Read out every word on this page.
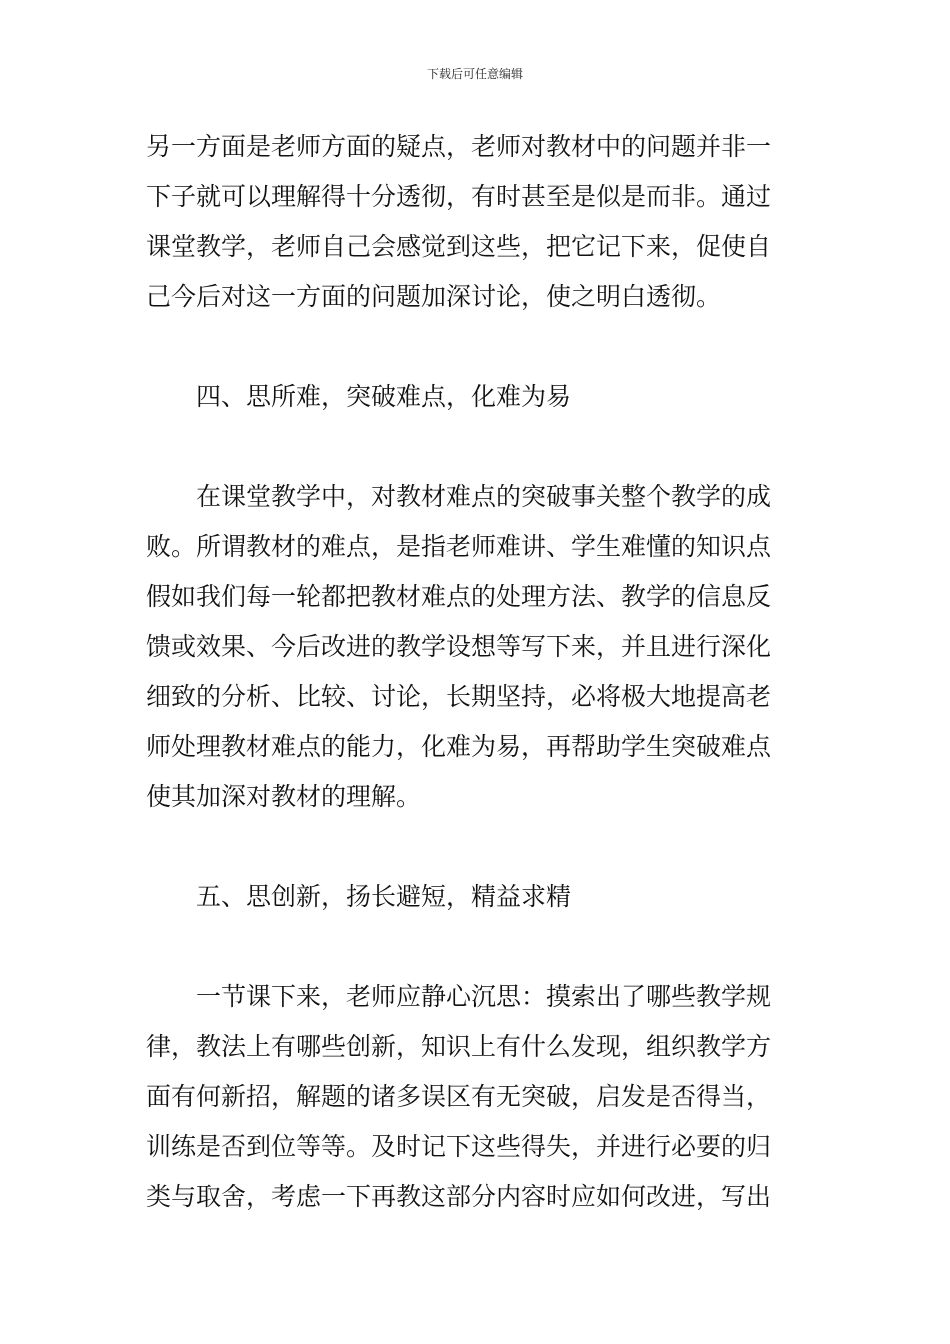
下载后可任意编辑
另一方面是老师方面的疑点，老师对教材中的问题并非一
下子就可以理解得十分透彻，有时甚至是似是而非。通过
课堂教学，老师自己会感觉到这些，把它记下来，促使自
己今后对这一方面的问题加深讨论，使之明白透彻。
四、思所难，突破难点，化难为易
在课堂教学中，对教材难点的突破事关整个教学的成
败。所谓教材的难点，是指老师难讲、学生难懂的知识点
假如我们每一轮都把教材难点的处理方法、教学的信息反
馈或效果、今后改进的教学设想等写下来，并且进行深化
细致的分析、比较、讨论，长期坚持，必将极大地提高老
师处理教材难点的能力，化难为易，再帮助学生突破难点
使其加深对教材的理解。
五、思创新，扬长避短，精益求精
一节课下来，老师应静心沉思：摸索出了哪些教学规
律，教法上有哪些创新，知识上有什么发现，组织教学方
面有何新招，解题的诸多误区有无突破，启发是否得当，
训练是否到位等等。及时记下这些得失，并进行必要的归
类与取舍，考虑一下再教这部分内容时应如何改进，写出
